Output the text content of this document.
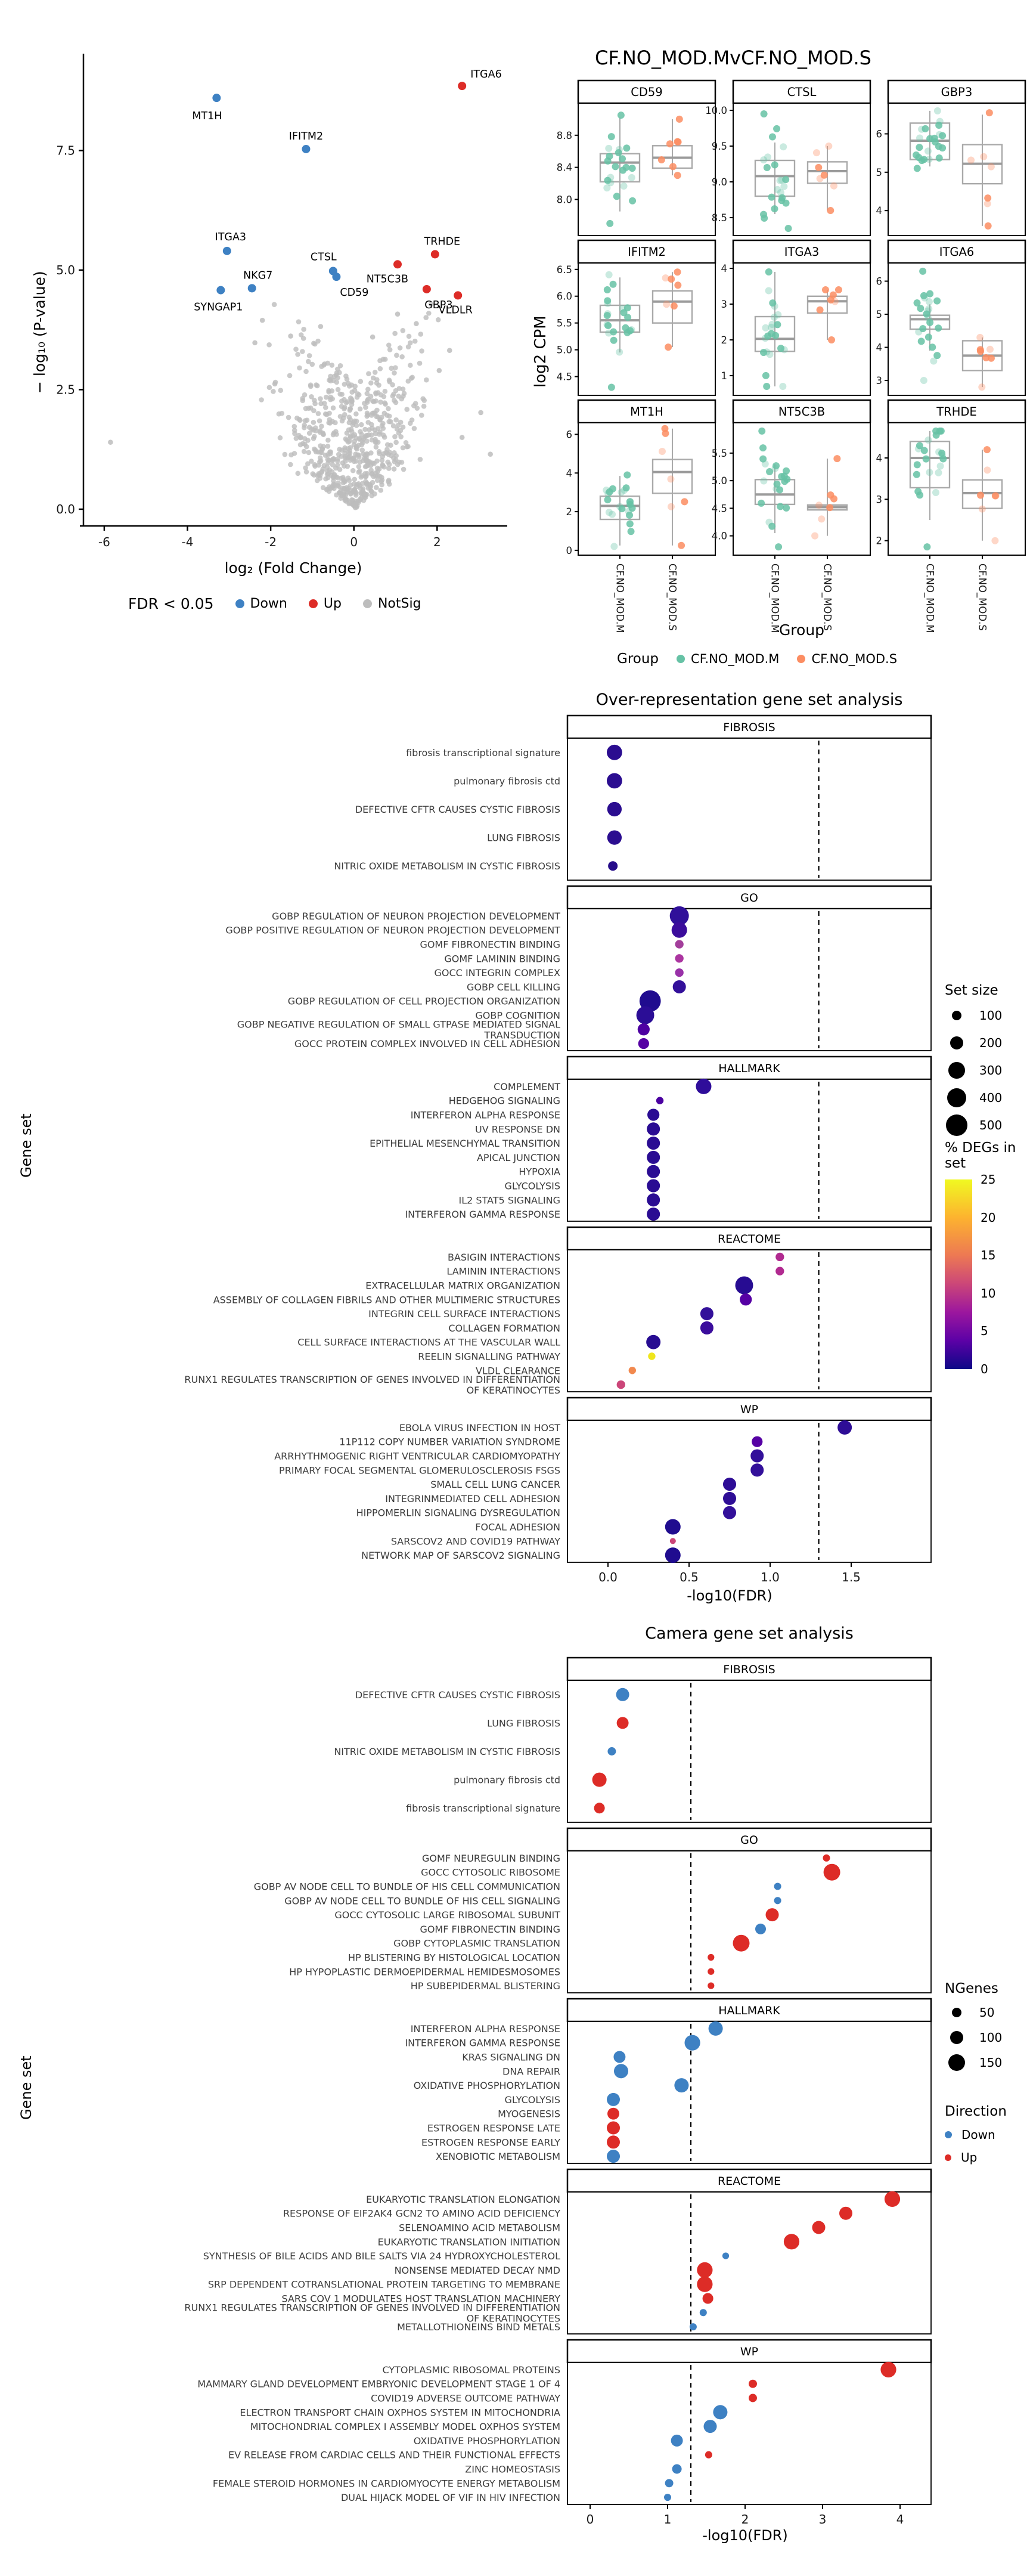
0.0
2.5
5.0
7.5
-6	-4	-2	0	2
ITGA6
MT1H
IFITM2
ITGA3	TRHDE
NT5C3B
CTSL
CD59
NKG7
SYNGAP1	GBP3
VLDLR
− log₁₀ (P-value)
log₂ (Fold Change)
FDR < 0.05	Down	Up	NotSig
CF.NO_MOD.MvCF.NO_MOD.S
CD59
8.0
8.4
8.8
CTSL
8.5
9.0
9.5
10.0
GBP3
4
5
6
IFITM2
4.5
5.0
5.5
6.0
6.5
ITGA3
1
2
3
4
ITGA6
3
4
5
6
MT1H
0
2
4
6
CF.NO_MOD.M	CF.NO_MOD.S
NT5C3B
4.0
4.5
5.0
5.5
CF.NO_MOD.M	CF.NO_MOD.S
TRHDE
2
3
4
CF.NO_MOD.M	CF.NO_MOD.S
log2 CPM
Group
Group	CF.NO_MOD.M	CF.NO_MOD.S
Over-representation gene set analysis
Gene set
FIBROSIS
fibrosis transcriptional signature
pulmonary fibrosis ctd
DEFECTIVE CFTR CAUSES CYSTIC FIBROSIS
LUNG FIBROSIS
NITRIC OXIDE METABOLISM IN CYSTIC FIBROSIS
GO
GOBP REGULATION OF NEURON PROJECTION DEVELOPMENT
GOBP POSITIVE REGULATION OF NEURON PROJECTION DEVELOPMENT
GOMF FIBRONECTIN BINDING
GOMF LAMININ BINDING
GOCC INTEGRIN COMPLEX
GOBP CELL KILLING
GOBP REGULATION OF CELL PROJECTION ORGANIZATION
GOBP COGNITION
GOBP NEGATIVE REGULATION OF SMALL GTPASE MEDIATED SIGNAL
TRANSDUCTION
GOCC PROTEIN COMPLEX INVOLVED IN CELL ADHESION
HALLMARK
COMPLEMENT
HEDGEHOG SIGNALING
INTERFERON ALPHA RESPONSE
UV RESPONSE DN
EPITHELIAL MESENCHYMAL TRANSITION
APICAL JUNCTION
HYPOXIA
GLYCOLYSIS
IL2 STAT5 SIGNALING
INTERFERON GAMMA RESPONSE
REACTOME
BASIGIN INTERACTIONS
LAMININ INTERACTIONS
EXTRACELLULAR MATRIX ORGANIZATION
ASSEMBLY OF COLLAGEN FIBRILS AND OTHER MULTIMERIC STRUCTURES
INTEGRIN CELL SURFACE INTERACTIONS
COLLAGEN FORMATION
CELL SURFACE INTERACTIONS AT THE VASCULAR WALL
REELIN SIGNALLING PATHWAY
VLDL CLEARANCE
RUNX1 REGULATES TRANSCRIPTION OF GENES INVOLVED IN DIFFERENTIATION
OF KERATINOCYTES
WP
EBOLA VIRUS INFECTION IN HOST
11P112 COPY NUMBER VARIATION SYNDROME
ARRHYTHMOGENIC RIGHT VENTRICULAR CARDIOMYOPATHY
PRIMARY FOCAL SEGMENTAL GLOMERULOSCLEROSIS FSGS
SMALL CELL LUNG CANCER
INTEGRINMEDIATED CELL ADHESION
HIPPOMERLIN SIGNALING DYSREGULATION
FOCAL ADHESION
SARSCOV2 AND COVID19 PATHWAY
NETWORK MAP OF SARSCOV2 SIGNALING
0.0	0.5	1.0	1.5
-log10(FDR)
Set size
100
200
300
400
500
% DEGs in set
25
20
15
10
5
0
Camera gene set analysis
Gene set
FIBROSIS
DEFECTIVE CFTR CAUSES CYSTIC FIBROSIS
LUNG FIBROSIS
NITRIC OXIDE METABOLISM IN CYSTIC FIBROSIS
pulmonary fibrosis ctd
fibrosis transcriptional signature
GO
GOMF NEUREGULIN BINDING
GOCC CYTOSOLIC RIBOSOME
GOBP AV NODE CELL TO BUNDLE OF HIS CELL COMMUNICATION
GOBP AV NODE CELL TO BUNDLE OF HIS CELL SIGNALING
GOCC CYTOSOLIC LARGE RIBOSOMAL SUBUNIT
GOMF FIBRONECTIN BINDING
GOBP CYTOPLASMIC TRANSLATION
HP BLISTERING BY HISTOLOGICAL LOCATION
HP HYPOPLASTIC DERMOEPIDERMAL HEMIDESMOSOMES
HP SUBEPIDERMAL BLISTERING
HALLMARK
INTERFERON ALPHA RESPONSE
INTERFERON GAMMA RESPONSE
KRAS SIGNALING DN
DNA REPAIR
OXIDATIVE PHOSPHORYLATION
GLYCOLYSIS
MYOGENESIS
ESTROGEN RESPONSE LATE
ESTROGEN RESPONSE EARLY
XENOBIOTIC METABOLISM
REACTOME
EUKARYOTIC TRANSLATION ELONGATION
RESPONSE OF EIF2AK4 GCN2 TO AMINO ACID DEFICIENCY
SELENOAMINO ACID METABOLISM
EUKARYOTIC TRANSLATION INITIATION
SYNTHESIS OF BILE ACIDS AND BILE SALTS VIA 24 HYDROXYCHOLESTEROL
NONSENSE MEDIATED DECAY NMD
SRP DEPENDENT COTRANSLATIONAL PROTEIN TARGETING TO MEMBRANE
SARS COV 1 MODULATES HOST TRANSLATION MACHINERY
RUNX1 REGULATES TRANSCRIPTION OF GENES INVOLVED IN DIFFERENTIATION
OF KERATINOCYTES
METALLOTHIONEINS BIND METALS
WP
CYTOPLASMIC RIBOSOMAL PROTEINS
MAMMARY GLAND DEVELOPMENT EMBRYONIC DEVELOPMENT STAGE 1 OF 4
COVID19 ADVERSE OUTCOME PATHWAY
ELECTRON TRANSPORT CHAIN OXPHOS SYSTEM IN MITOCHONDRIA
MITOCHONDRIAL COMPLEX I ASSEMBLY MODEL OXPHOS SYSTEM
OXIDATIVE PHOSPHORYLATION
EV RELEASE FROM CARDIAC CELLS AND THEIR FUNCTIONAL EFFECTS
ZINC HOMEOSTASIS
FEMALE STEROID HORMONES IN CARDIOMYOCYTE ENERGY METABOLISM
DUAL HIJACK MODEL OF VIF IN HIV INFECTION
0	1	2	3	4
-log10(FDR)
NGenes
50
100
150
Direction
Down
Up
